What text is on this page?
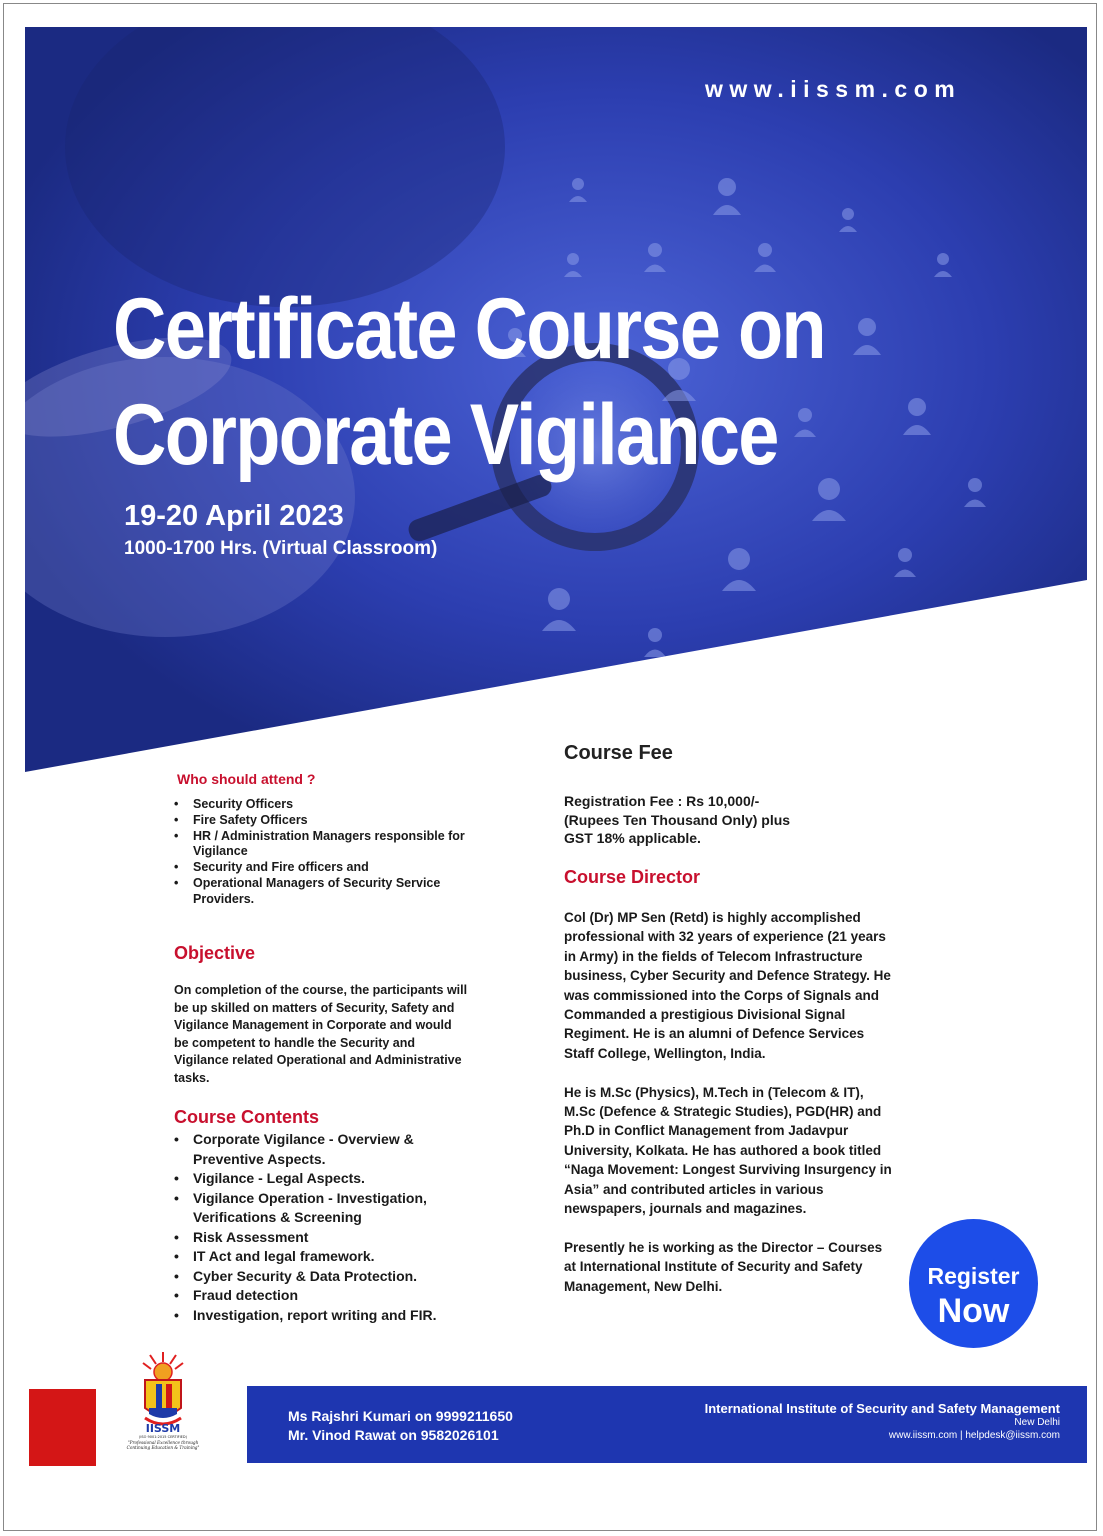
www.iissm.com
Certificate Course on
Corporate Vigilance
19-20 April 2023
1000-1700 Hrs. (Virtual Classroom)
Who should attend ?
• Security Officers
• Fire Safety Officers
• HR / Administration Managers responsible for Vigilance
• Security and Fire officers and
• Operational Managers of Security Service Providers.
Objective
On completion of the course, the participants will be up skilled on matters of Security, Safety and Vigilance Management in Corporate and would be competent to handle the Security and Vigilance related Operational and Administrative tasks.
Course Contents
• Corporate Vigilance - Overview & Preventive Aspects.
• Vigilance - Legal Aspects.
• Vigilance Operation - Investigation, Verifications & Screening
• Risk Assessment
• IT Act and legal framework.
• Cyber Security & Data Protection.
• Fraud detection
• Investigation, report writing and FIR.
Course Fee
Registration Fee : Rs 10,000/-
(Rupees Ten Thousand Only) plus
GST 18% applicable.
Course Director

Col (Dr) MP Sen (Retd) is highly accomplished professional with 32 years of experience (21 years in Army) in the fields of Telecom Infrastructure business, Cyber Security and Defence Strategy. He was commissioned into the Corps of Signals and Commanded a prestigious Divisional Signal Regiment. He is an alumni of Defence Services Staff College, Wellington, India.

He is M.Sc (Physics), M.Tech in (Telecom & IT), M.Sc (Defence & Strategic Studies), PGD(HR) and Ph.D in Conflict Management from Jadavpur University, Kolkata. He has authored a book titled “Naga Movement: Longest Surviving Insurgency in Asia” and contributed articles in various newspapers, journals and magazines.

Presently he is working as the Director – Courses at International Institute of Security and Safety Management, New Delhi.	Register
Now
IISSM
(ISO 9001:2015 CERTIFIED)
"Professional Excellence through
Continuing Education & Training"
Ms Rajshri Kumari on 9999211650
Mr. Vinod Rawat on 9582026101
International Institute of Security and Safety Management
New Delhi
www.iissm.com | helpdesk@iissm.com
